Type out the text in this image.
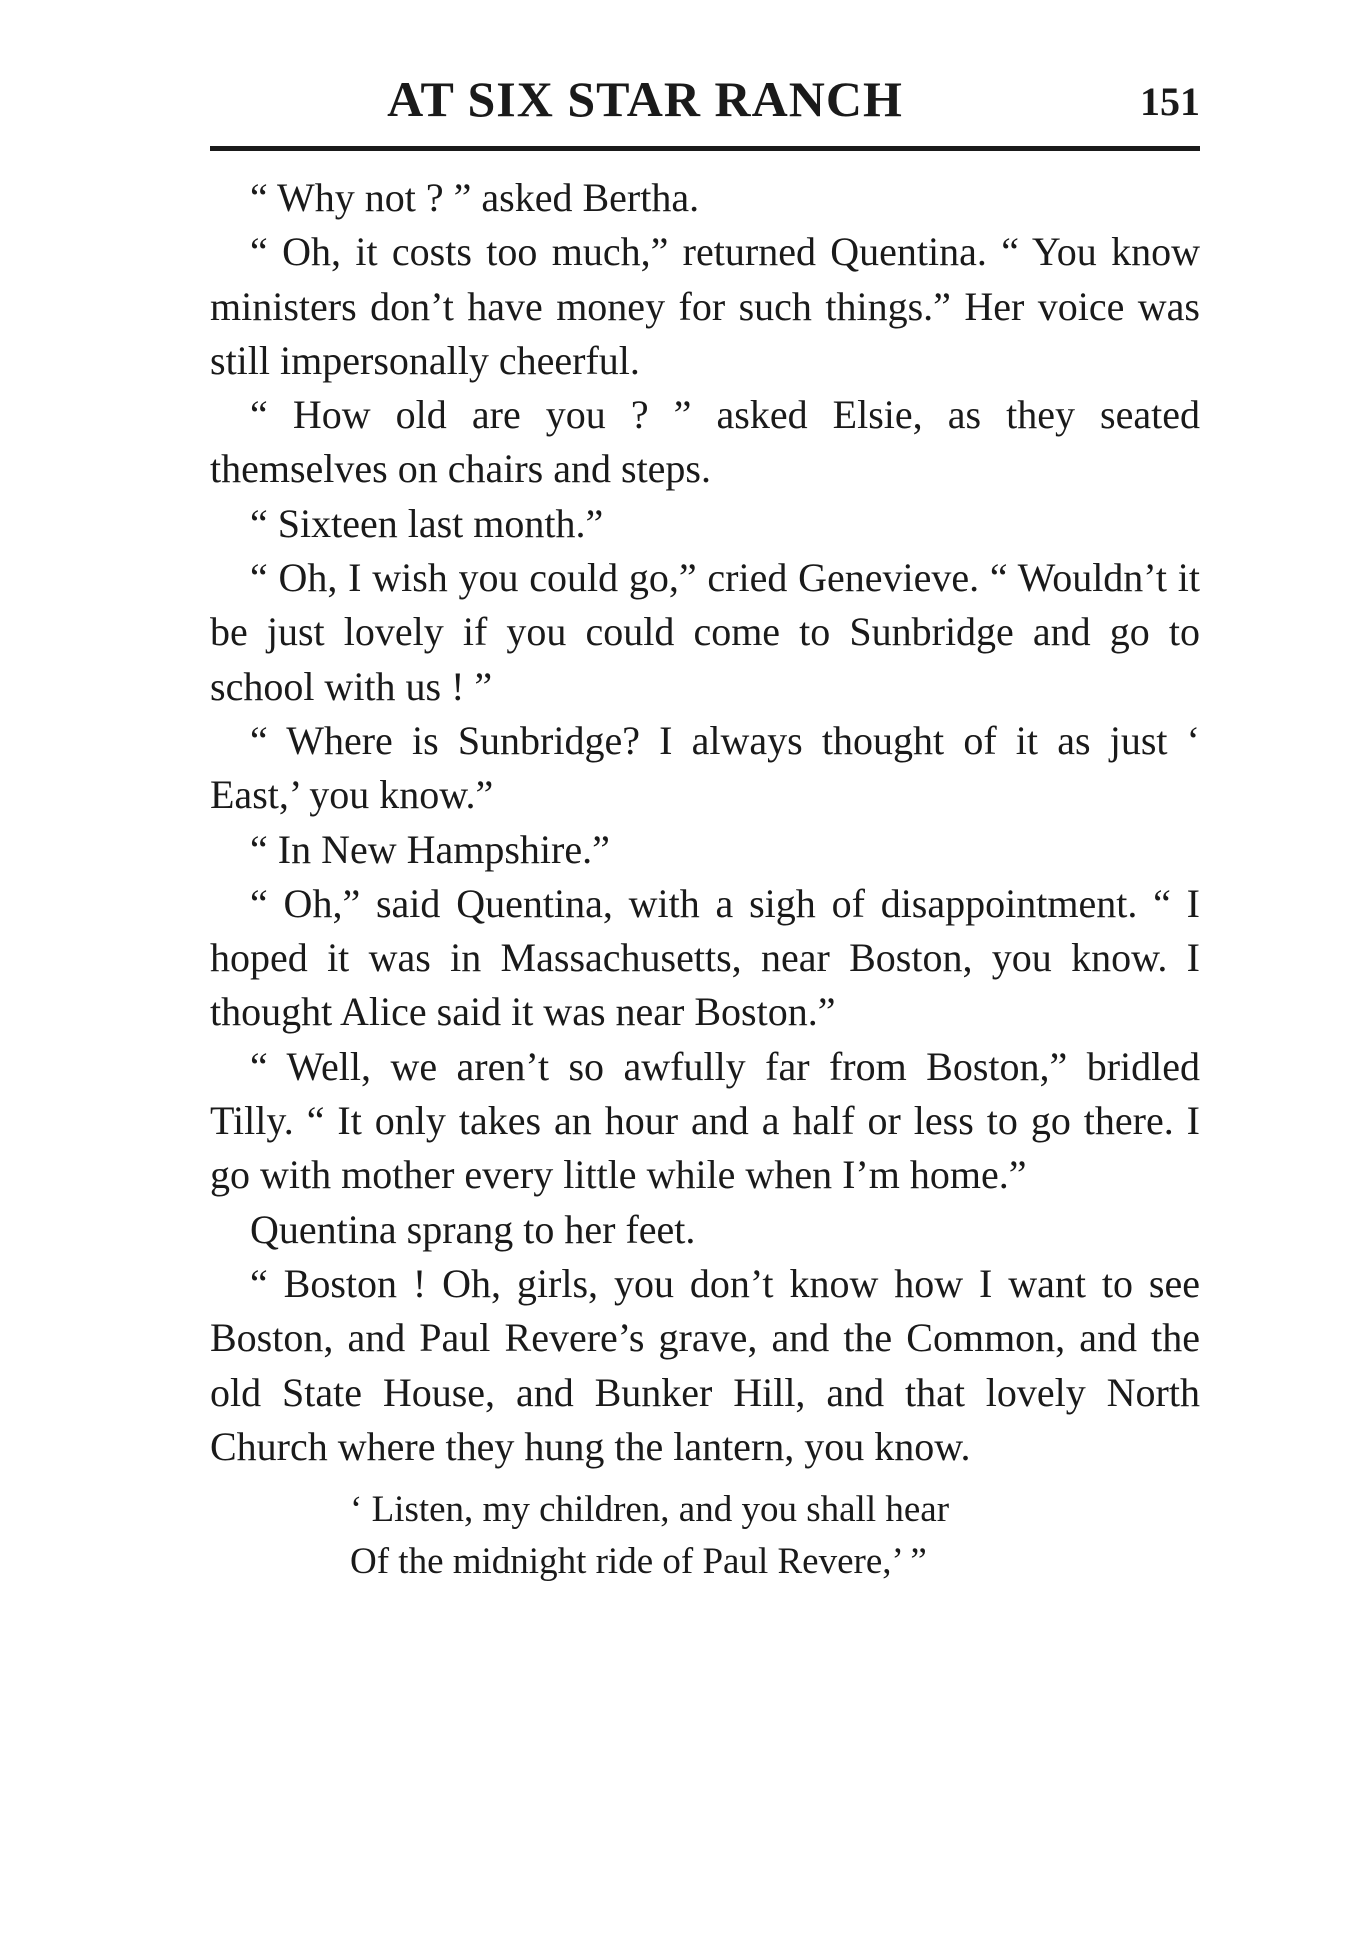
AT SIX STAR RANCH	151

“ Why not ? ” asked Bertha.

“ Oh, it costs too much,” returned Quentina. “ You know ministers don’t have money for such things.” Her voice was still impersonally cheerful.

“ How old are you ? ” asked Elsie, as they seated themselves on chairs and steps.

“ Sixteen last month.”

“ Oh, I wish you could go,” cried Genevieve. “ Wouldn’t it be just lovely if you could come to Sunbridge and go to school with us ! ”

“ Where is Sunbridge? I always thought of it as just ‘ East,’ you know.”

“ In New Hampshire.”

“ Oh,” said Quentina, with a sigh of disappointment. “ I hoped it was in Massachusetts, near Boston, you know. I thought Alice said it was near Boston.”

“ Well, we aren’t so awfully far from Boston,” bridled Tilly. “ It only takes an hour and a half or less to go there. I go with mother every little while when I’m home.”

Quentina sprang to her feet.

“ Boston ! Oh, girls, you don’t know how I want to see Boston, and Paul Revere’s grave, and the Common, and the old State House, and Bunker Hill, and that lovely North Church where they hung the lantern, you know.

‘ Listen, my children, and you shall hear
Of the midnight ride of Paul Revere,’ ”
